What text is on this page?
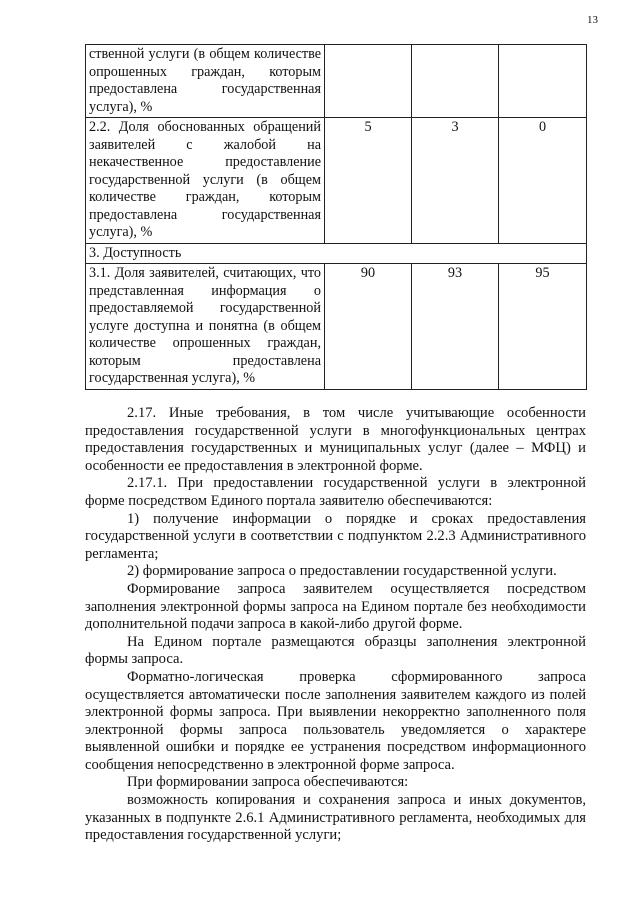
13
ственной услуги (в общем количестве опрошенных граждан, которым предоставлена государственная услуга), %			
2.2. Доля обоснованных обращений заявителей с жалобой на некачественное предоставление государственной услуги (в общем количестве граждан, которым предоставлена государственная услуга), %	5	3	0
3. Доступность			
3.1. Доля заявителей, считающих, что представленная информация о предоставляемой государственной услуге доступна и понятна (в общем количестве опрошенных граждан, которым предоставлена государственная услуга), %	90	93	95

2.17. Иные требования, в том числе учитывающие особенности предоставления государственной услуги в многофункциональных центрах предоставления государственных и муниципальных услуг (далее – МФЦ) и особенности ее предоставления в электронной форме.

2.17.1. При предоставлении государственной услуги в электронной форме посредством Единого портала заявителю обеспечиваются:

1) получение информации о порядке и сроках предоставления государственной услуги в соответствии с подпунктом 2.2.3 Административного регламента;

2) формирование запроса о предоставлении государственной услуги.

Формирование запроса заявителем осуществляется посредством заполнения электронной формы запроса на Едином портале без необходимости дополнительной подачи запроса в какой-либо другой форме.

На Едином портале размещаются образцы заполнения электронной формы запроса.

Форматно-логическая проверка сформированного запроса осуществляется автоматически после заполнения заявителем каждого из полей электронной формы запроса. При выявлении некорректно заполненного поля электронной формы запроса пользователь уведомляется о характере выявленной ошибки и порядке ее устранения посредством информационного сообщения непосредственно в электронной форме запроса.

При формировании запроса обеспечиваются:

возможность копирования и сохранения запроса и иных документов, указанных в подпункте 2.6.1 Административного регламента, необходимых для предоставления государственной услуги;
